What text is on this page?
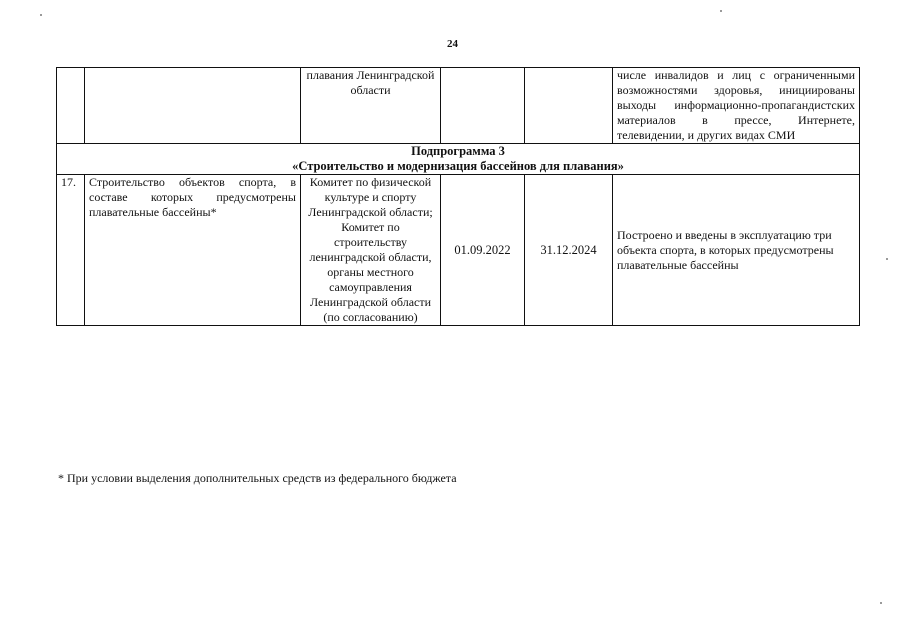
24
		плавания Ленинградской области			числе инвалидов и лиц с ограниченными возможностями здоровья, инициированы выходы информационно-пропагандистских материалов в прессе, Интернете, телевидении, и других видах СМИ

Подпрограмма 3
«Строительство и модернизация бассейнов для плавания»					

17.	Строительство объектов спорта, в составе которых предусмотрены плавательные бассейны*	Комитет по физической культуре и спорту Ленинградской области; Комитет по строительству ленинградской области, органы местного самоуправления Ленинградской области (по согласованию)	01.09.2022	31.12.2024	Построено и введены в эксплуатацию три объекта спорта, в которых предусмотрены плавательные бассейны
* При условии выделения дополнительных средств из федерального бюджета
